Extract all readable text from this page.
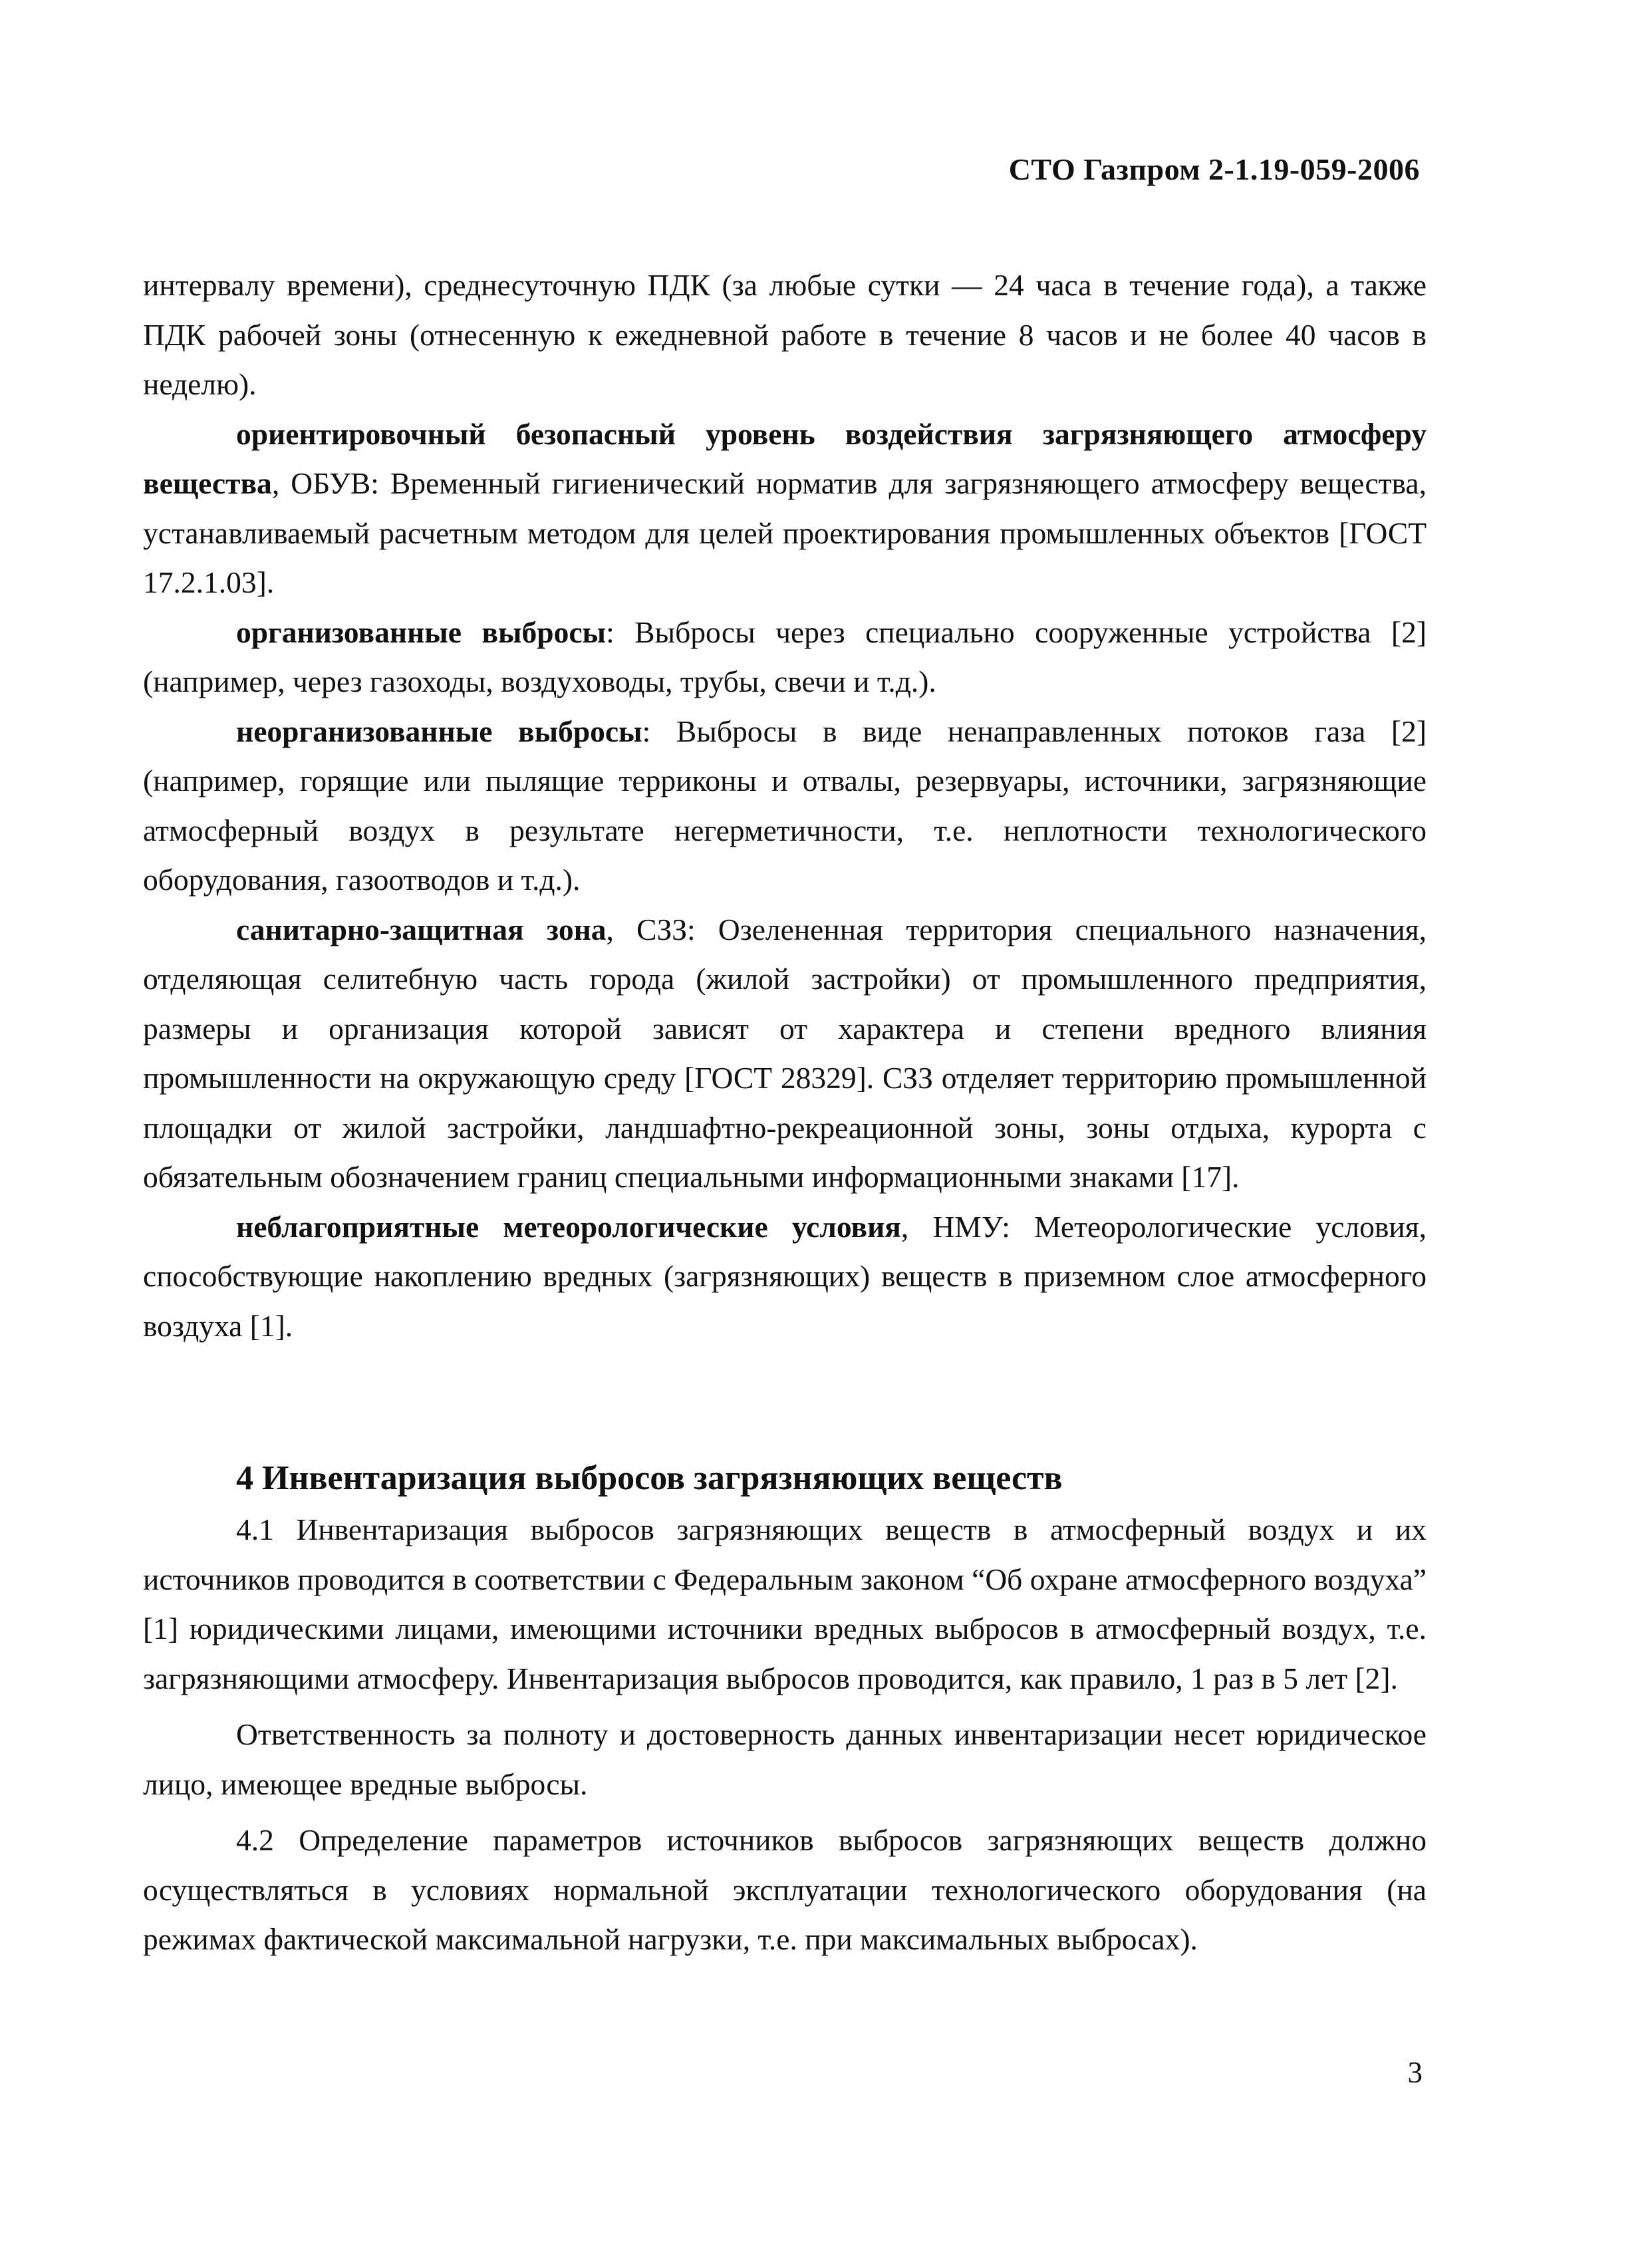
СТО Газпром 2-1.19-059-2006

интервалу времени), среднесуточную ПДК (за любые сутки — 24 часа в течение года), а также ПДК рабочей зоны (отнесенную к ежедневной работе в течение 8 часов и не более 40 часов в неделю).

ориентировочный безопасный уровень воздействия загрязняющего атмосферу вещества, ОБУВ: Временный гигиенический норматив для загрязняющего атмосферу вещества, устанавливаемый расчетным методом для целей проектирования промышленных объектов [ГОСТ 17.2.1.03].

организованные выбросы: Выбросы через специально сооруженные устройства [2] (например, через газоходы, воздуховоды, трубы, свечи и т.д.).

неорганизованные выбросы: Выбросы в виде ненаправленных потоков газа [2] (например, горящие или пылящие терриконы и отвалы, резервуары, источники, загрязняющие атмосферный воздух в результате негерметичности, т.е. неплотности технологического оборудования, газоотводов и т.д.).

санитарно-защитная зона, СЗЗ: Озелененная территория специального назначения, отделяющая селитебную часть города (жилой застройки) от промышленного предприятия, размеры и организация которой зависят от характера и степени вредного влияния промышленности на окружающую среду [ГОСТ 28329]. СЗЗ отделяет территорию промышленной площадки от жилой застройки, ландшафтно-рекреационной зоны, зоны отдыха, курорта с обязательным обозначением границ специальными информационными знаками [17].

неблагоприятные метеорологические условия, НМУ: Метеорологические условия, способствующие накоплению вредных (загрязняющих) веществ в приземном слое атмосферного воздуха [1].

4 Инвентаризация выбросов загрязняющих веществ

4.1 Инвентаризация выбросов загрязняющих веществ в атмосферный воздух и их источников проводится в соответствии с Федеральным законом “Об охране атмосферного воздуха” [1] юридическими лицами, имеющими источники вредных выбросов в атмосферный воздух, т.е. загрязняющими атмосферу. Инвентаризация выбросов проводится, как правило, 1 раз в 5 лет [2].

Ответственность за полноту и достоверность данных инвентаризации несет юридическое лицо, имеющее вредные выбросы.

4.2 Определение параметров источников выбросов загрязняющих веществ должно осуществляться в условиях нормальной эксплуатации технологического оборудования (на режимах фактической максимальной нагрузки, т.е. при максимальных выбросах).

3
